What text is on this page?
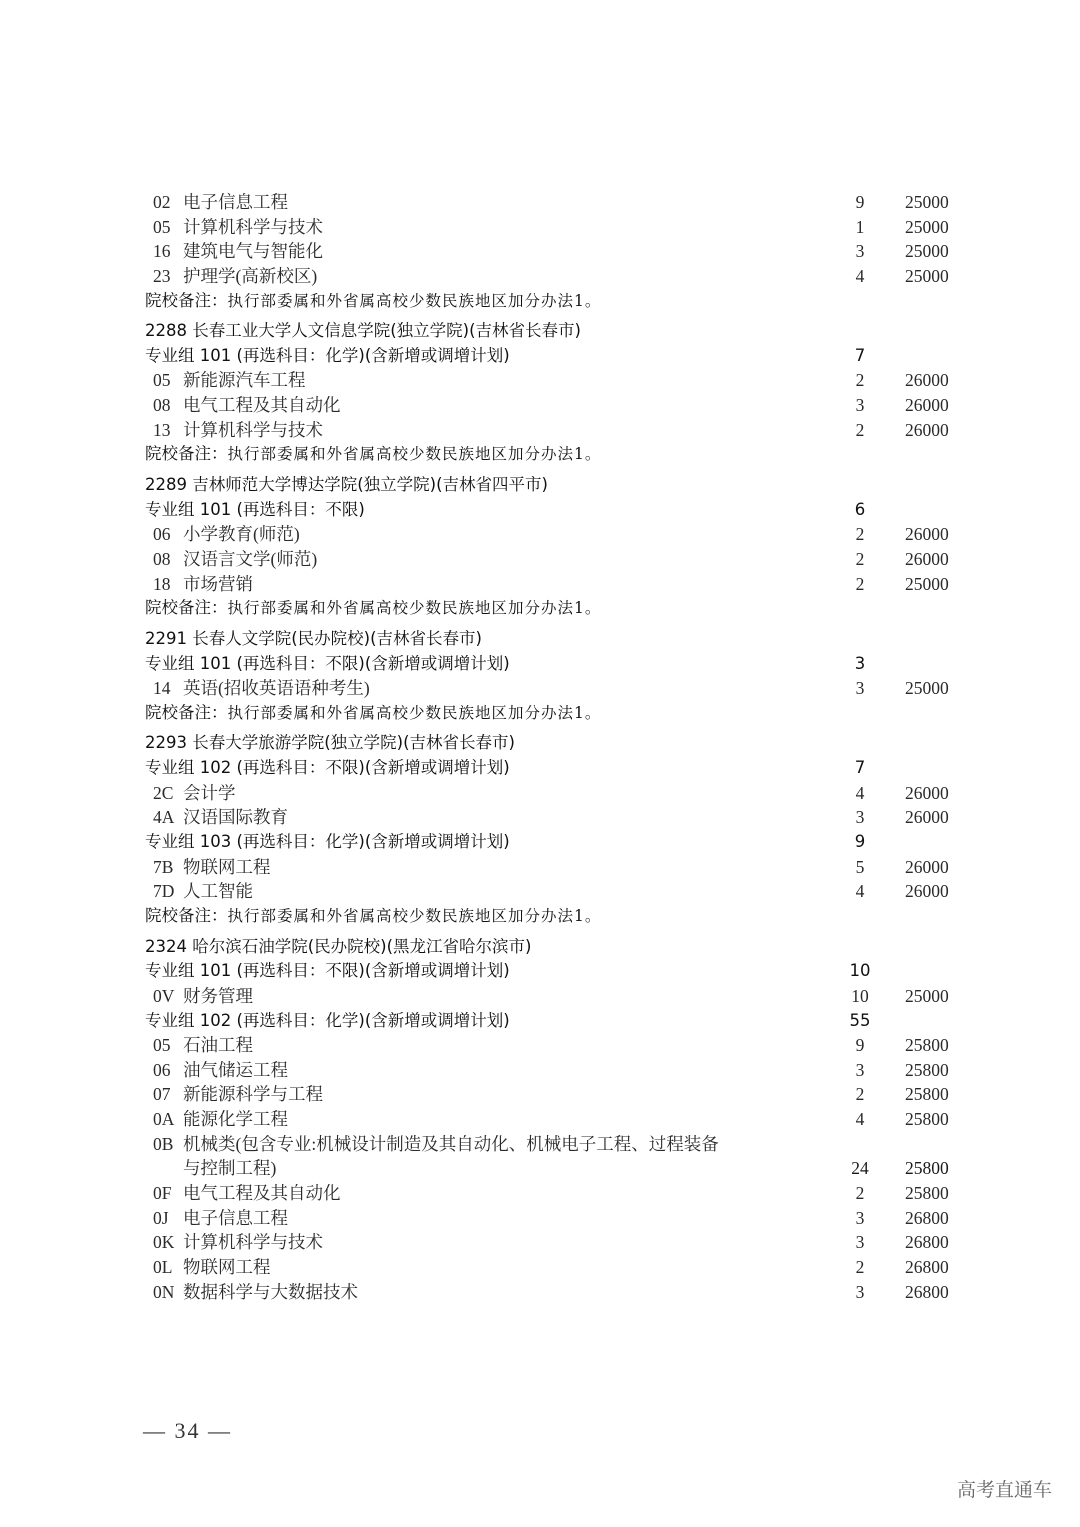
02 电子信息工程	9	25000
05 计算机科学与技术	1	25000
16 建筑电气与智能化	3	25000
23 护理学(高新校区)	4	25000
院校备注：执行部委属和外省属高校少数民族地区加分办法1。
2288 长春工业大学人文信息学院(独立学院)(吉林省长春市)
专业组 101 (再选科目：化学)(含新增或调增计划)	7
05 新能源汽车工程	2	26000
08 电气工程及其自动化	3	26000
13 计算机科学与技术	2	26000
院校备注：执行部委属和外省属高校少数民族地区加分办法1。
2289 吉林师范大学博达学院(独立学院)(吉林省四平市)
专业组 101 (再选科目：不限)	6
06 小学教育(师范)	2	26000
08 汉语言文学(师范)	2	26000
18 市场营销	2	25000
院校备注：执行部委属和外省属高校少数民族地区加分办法1。
2291 长春人文学院(民办院校)(吉林省长春市)
专业组 101 (再选科目：不限)(含新增或调增计划)	3
14 英语(招收英语语种考生)	3	25000
院校备注：执行部委属和外省属高校少数民族地区加分办法1。
2293 长春大学旅游学院(独立学院)(吉林省长春市)
专业组 102 (再选科目：不限)(含新增或调增计划)	7
2C 会计学	4	26000
4A 汉语国际教育	3	26000
专业组 103 (再选科目：化学)(含新增或调增计划)	9
7B 物联网工程	5	26000
7D 人工智能	4	26000
院校备注：执行部委属和外省属高校少数民族地区加分办法1。
2324 哈尔滨石油学院(民办院校)(黑龙江省哈尔滨市)
专业组 101 (再选科目：不限)(含新增或调增计划)	10
0V 财务管理	10	25000
专业组 102 (再选科目：化学)(含新增或调增计划)	55
05 石油工程	9	25800
06 油气储运工程	3	25800
07 新能源科学与工程	2	25800
0A 能源化学工程	4	25800
0B 机械类(包含专业:机械设计制造及其自动化、机械电子工程、过程装备
与控制工程)	24	25800
0F 电气工程及其自动化	2	25800
0J 电子信息工程	3	26800
0K 计算机科学与技术	3	26800
0L 物联网工程	2	26800
0N 数据科学与大数据技术	3	26800
— 34 —
高考直通车
